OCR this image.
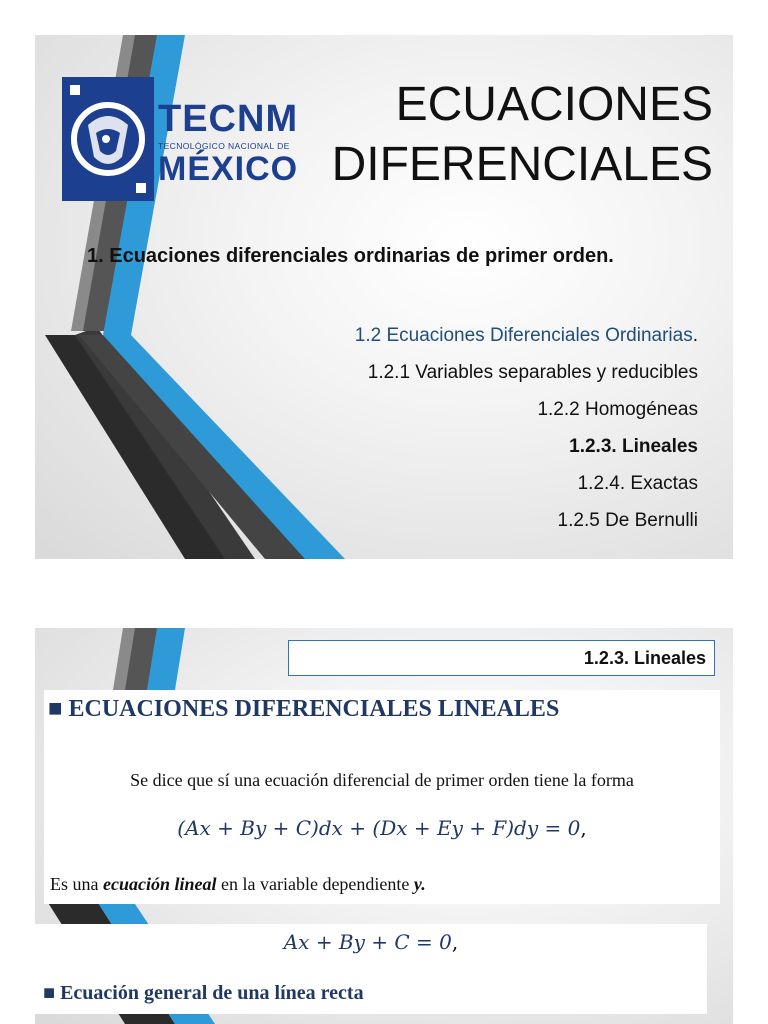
TECNM
TECNOLÓGICO NACIONAL DE
MÉXICO
ECUACIONES
DIFERENCIALES
1. Ecuaciones diferenciales ordinarias de primer orden.
1.2 Ecuaciones Diferenciales Ordinarias.
1.2.1 Variables separables y reducibles
1.2.2 Homogéneas
1.2.3. Lineales
1.2.4. Exactas
1.2.5 De Bernulli
1.2.3. Lineales
■ ECUACIONES DIFERENCIALES LINEALES
Se dice que sí una ecuación diferencial de primer orden tiene la forma
(Ax + By + C)dx + (Dx + Ey + F)dy = 0,
Es una ecuación lineal en la variable dependiente y.
Ax + By + C = 0,
■ Ecuación general de una línea recta
